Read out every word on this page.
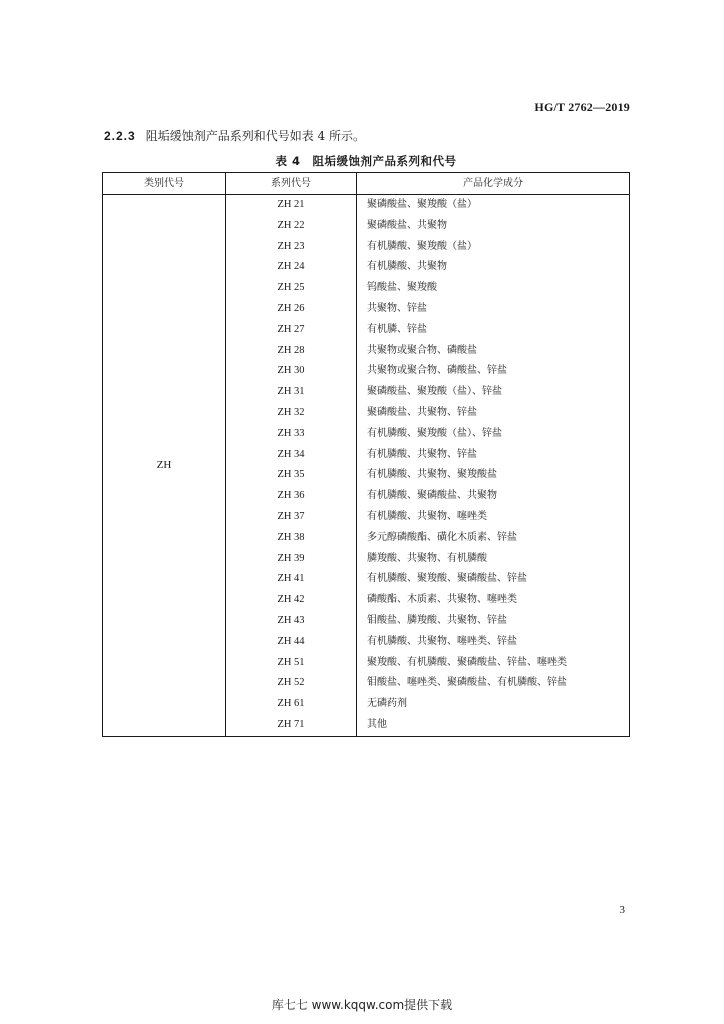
HG/T 2762—2019
2.2.3 阻垢缓蚀剂产品系列和代号如表 4 所示。
表 4 阻垢缓蚀剂产品系列和代号
类别代号	系列代号	产品化学成分
ZH	ZH 21	聚磷酸盐、聚羧酸（盐）
	ZH 22	聚磷酸盐、共聚物
	ZH 23	有机膦酸、聚羧酸（盐）
	ZH 24	有机膦酸、共聚物
	ZH 25	钨酸盐、聚羧酸
	ZH 26	共聚物、锌盐
	ZH 27	有机膦、锌盐
	ZH 28	共聚物或聚合物、磷酸盐
	ZH 30	共聚物或聚合物、磷酸盐、锌盐
	ZH 31	聚磷酸盐、聚羧酸（盐）、锌盐
	ZH 32	聚磷酸盐、共聚物、锌盐
	ZH 33	有机膦酸、聚羧酸（盐）、锌盐
	ZH 34	有机膦酸、共聚物、锌盐
	ZH 35	有机膦酸、共聚物、聚羧酸盐
	ZH 36	有机膦酸、聚磷酸盐、共聚物
	ZH 37	有机膦酸、共聚物、噻唑类
	ZH 38	多元醇磷酸酯、磺化木质素、锌盐
	ZH 39	膦羧酸、共聚物、有机膦酸
	ZH 41	有机膦酸、聚羧酸、聚磷酸盐、锌盐
	ZH 42	磷酸酯、木质素、共聚物、噻唑类
	ZH 43	钼酸盐、膦羧酸、共聚物、锌盐
	ZH 44	有机膦酸、共聚物、噻唑类、锌盐
	ZH 51	聚羧酸、有机膦酸、聚磷酸盐、锌盐、噻唑类
	ZH 52	钼酸盐、噻唑类、聚磷酸盐、有机膦酸、锌盐
	ZH 61	无磷药剂
	ZH 71	其他
3
库七七 www.kqqw.com提供下载
